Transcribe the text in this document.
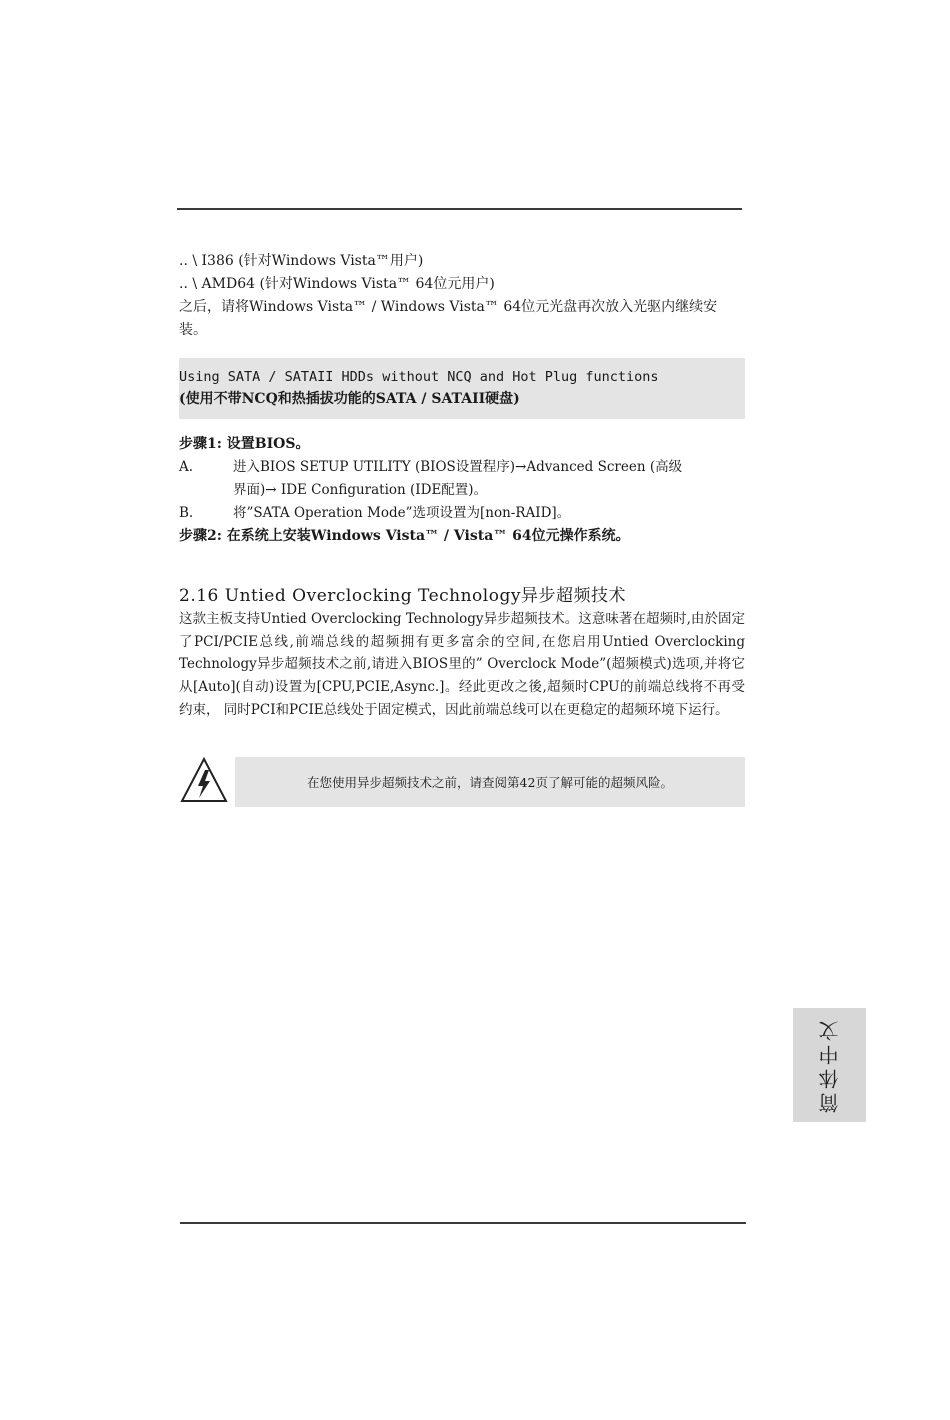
.. \ I386 (针对Windows Vista™用户)
.. \ AMD64 (针对Windows Vista™ 64位元用户)
之后，请将Windows Vista™ / Windows Vista™ 64位元光盘再次放入光驱内继续安装。
Using SATA / SATAII HDDs without NCQ and Hot Plug functions
(使用不带NCQ和热插拔功能的SATA / SATAII硬盘)
步骤1: 设置BIOS。
A.	进入BIOS SETUP UTILITY (BIOS设置程序)→Advanced Screen (高级
界面)→ IDE Configuration (IDE配置)。
B.	将”SATA Operation Mode”选项设置为[non-RAID]。
步骤2: 在系统上安装Windows Vista™ / Vista™ 64位元操作系统。
2.16 Untied Overclocking Technology异步超频技术
这款主板支持Untied Overclocking Technology异步超频技术。这意味著在超频时,由於固定了PCI/PCIE总线,前端总线的超频拥有更多富余的空间,在您启用Untied Overclocking Technology异步超频技术之前,请进入BIOS里的” Overclock Mode”(超频模式)选项,并将它从[Auto](自动)设置为[CPU,PCIE,Async.]。经此更改之後,超频时CPU的前端总线将不再受约束， 同时PCI和PCIE总线处于固定模式，因此前端总线可以在更稳定的超频环境下运行。
在您使用异步超频技术之前，请查阅第42页了解可能的超频风险。
简体中文
